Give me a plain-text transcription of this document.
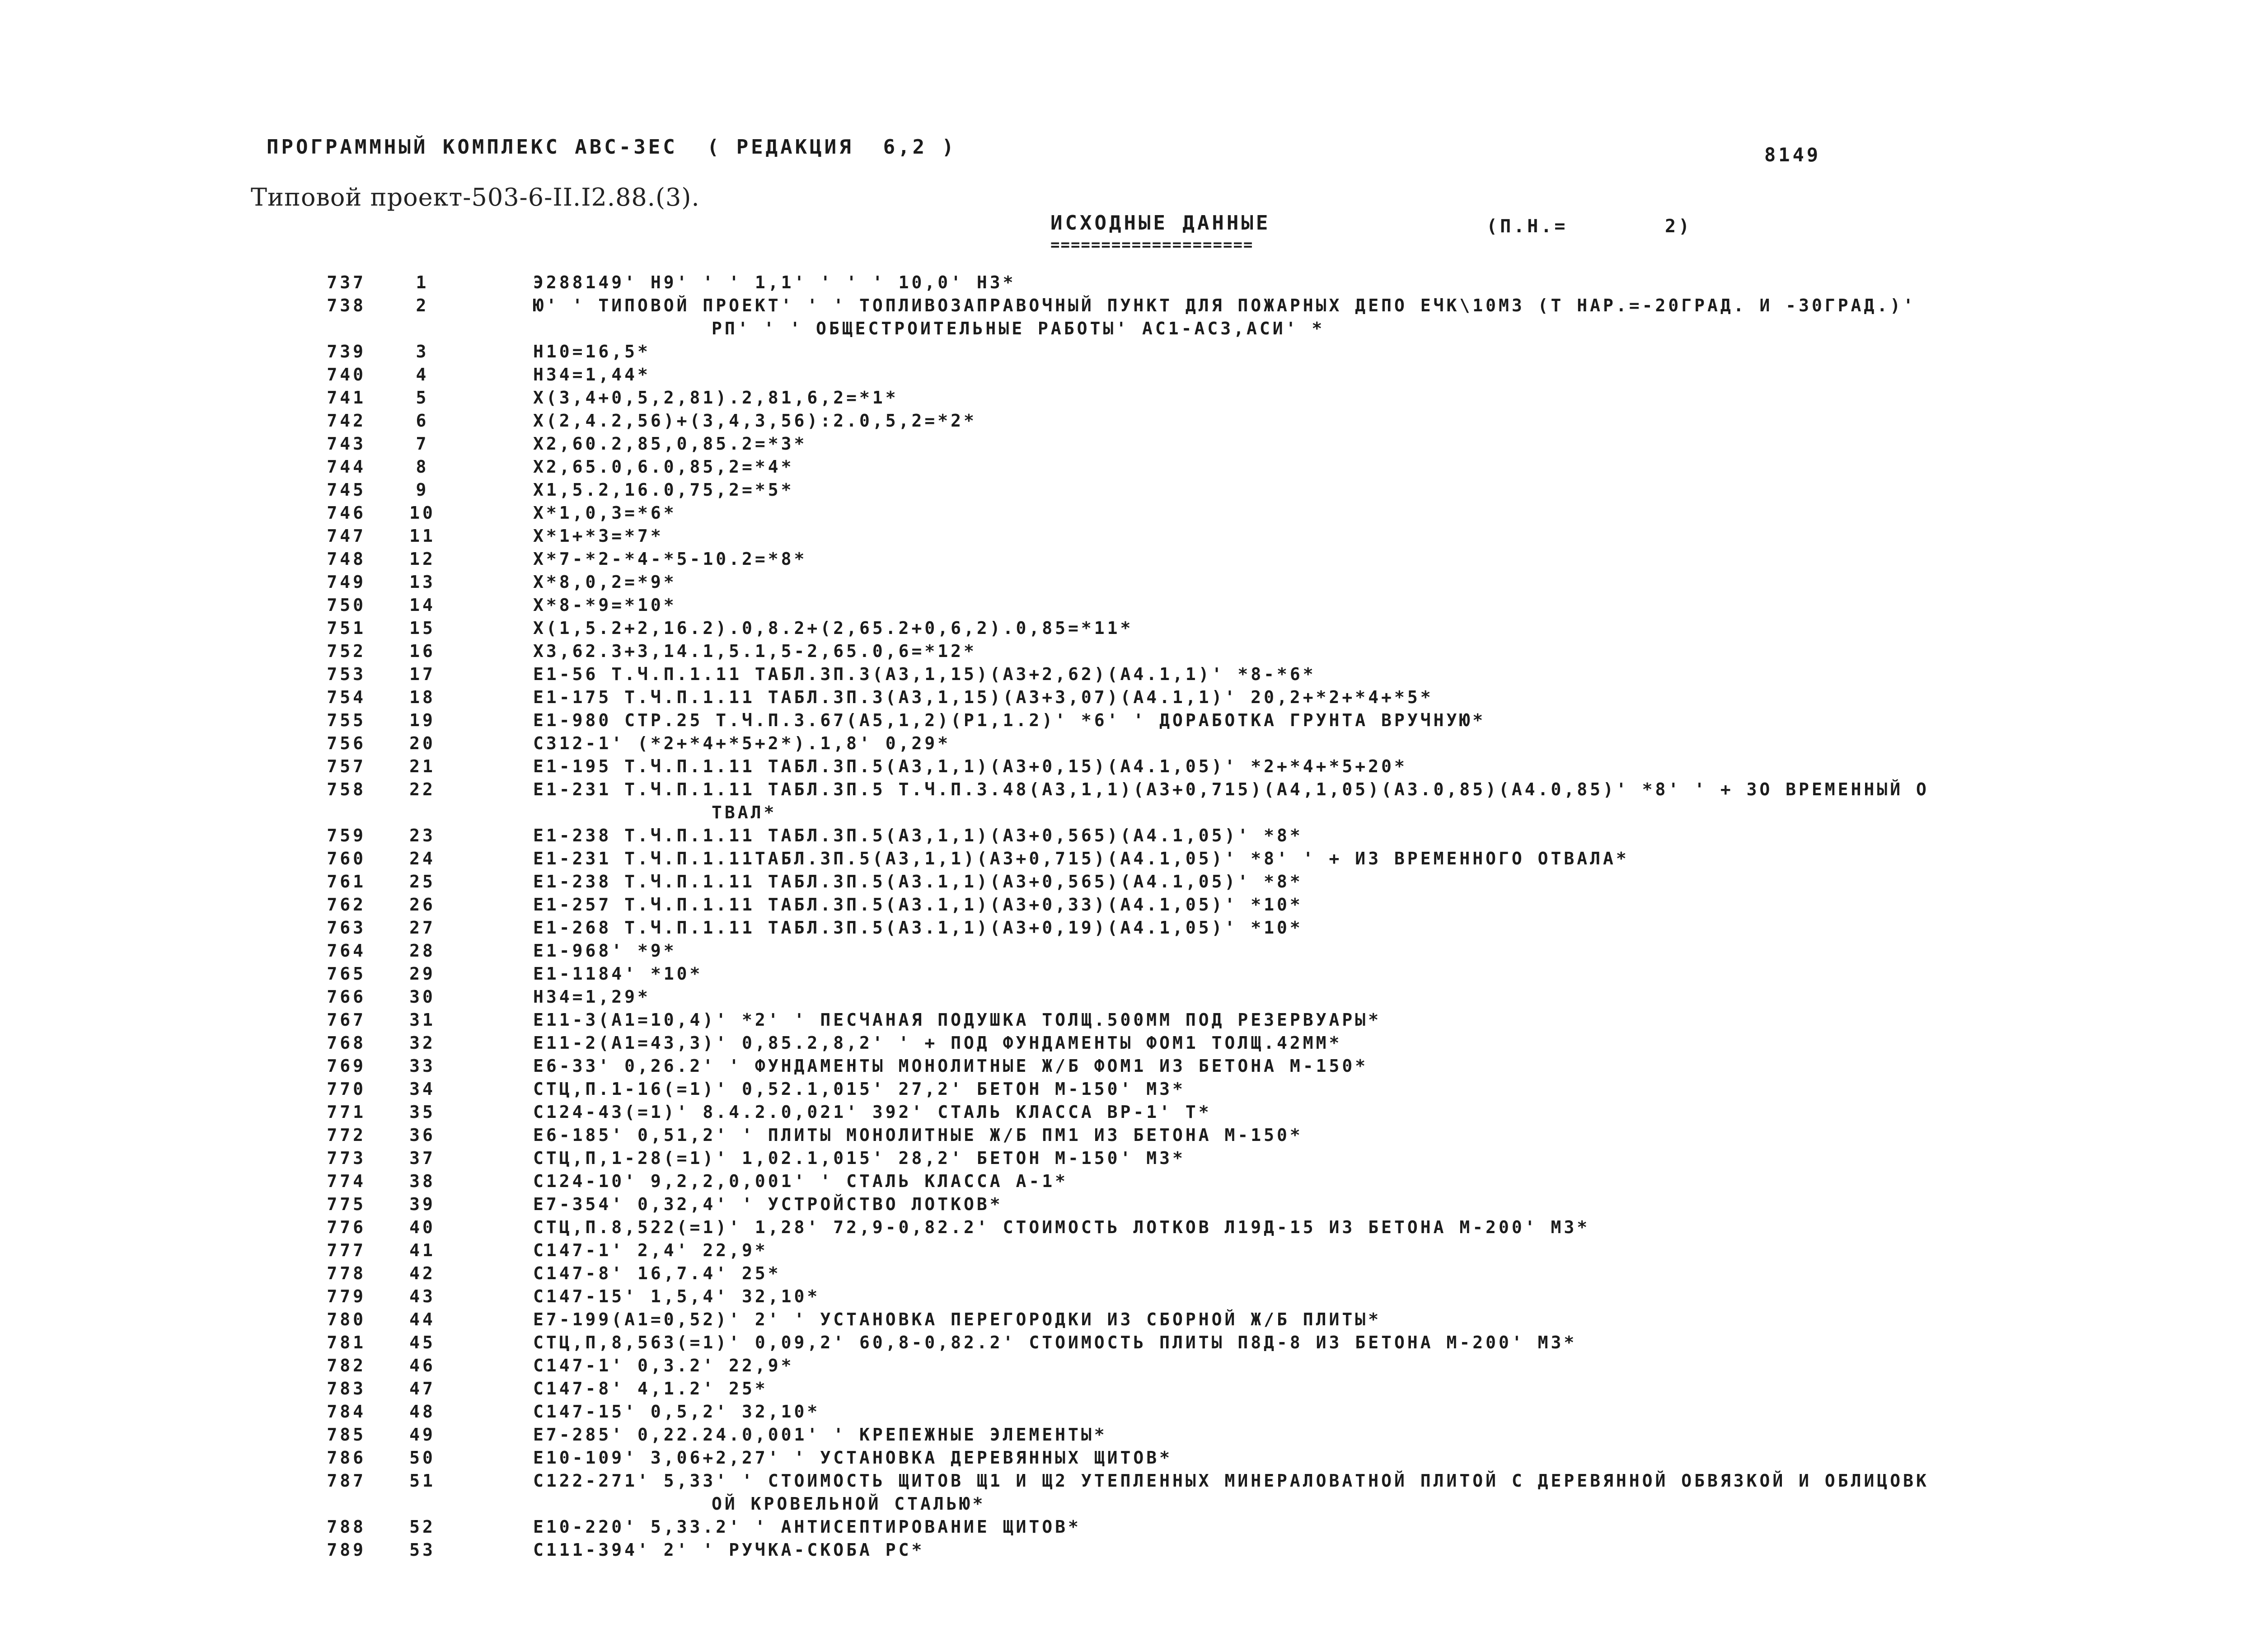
ПРОГРАММНЫЙ КОМПЛЕКС АВС-ЗЕС  ( РЕДАКЦИЯ  6,2 )	8149
Типовой проект-503-6-II.I2.88.(3).
ИСХОДНЫЕ ДАННЫЕ
====================
(П.Н.=	2)
737	1	Э288149' Н9' ' ' 1,1' ' ' ' 10,0' Н3*
738	2	Ю' ' ТИПОВОЙ ПРОЕКТ' ' ' ТОПЛИВОЗАПРАВОЧНЫЙ ПУНКТ ДЛЯ ПОЖАРНЫХ ДЕПО ЕЧК\10МЗ (Т НАР.=-20ГРАД. И -30ГРАД.)'
РП' ' ' ОБЩЕСТРОИТЕЛЬНЫЕ РАБОТЫ' АС1-АС3,АСИ' *
739	3	Н10=16,5*
740	4	Н34=1,44*
741	5	Х(3,4+0,5,2,81).2,81,6,2=*1*
742	6	Х(2,4.2,56)+(3,4,3,56):2.0,5,2=*2*
743	7	Х2,60.2,85,0,85.2=*3*
744	8	Х2,65.0,6.0,85,2=*4*
745	9	Х1,5.2,16.0,75,2=*5*
746	10	Х*1,0,3=*6*
747	11	Х*1+*3=*7*
748	12	Х*7-*2-*4-*5-10.2=*8*
749	13	Х*8,0,2=*9*
750	14	Х*8-*9=*10*
751	15	Х(1,5.2+2,16.2).0,8.2+(2,65.2+0,6,2).0,85=*11*
752	16	Х3,62.3+3,14.1,5.1,5-2,65.0,6=*12*
753	17	Е1-56 Т.Ч.П.1.11 ТАБЛ.3П.3(А3,1,15)(А3+2,62)(А4.1,1)' *8-*6*
754	18	Е1-175 Т.Ч.П.1.11 ТАБЛ.3П.3(А3,1,15)(А3+3,07)(А4.1,1)' 20,2+*2+*4+*5*
755	19	Е1-980 СТР.25 Т.Ч.П.3.67(А5,1,2)(Р1,1.2)' *6' ' ДОРАБОТКА ГРУНТА ВРУЧНУЮ*
756	20	С312-1' (*2+*4+*5+2*).1,8' 0,29*
757	21	Е1-195 Т.Ч.П.1.11 ТАБЛ.3П.5(А3,1,1)(А3+0,15)(А4.1,05)' *2+*4+*5+20*
758	22	Е1-231 Т.Ч.П.1.11 ТАБЛ.3П.5 Т.Ч.П.3.48(А3,1,1)(А3+0,715)(А4,1,05)(А3.0,85)(А4.0,85)' *8' ' + ЗО ВРЕМЕННЫЙ О
ТВАЛ*
759	23	Е1-238 Т.Ч.П.1.11 ТАБЛ.3П.5(А3,1,1)(А3+0,565)(А4.1,05)' *8*
760	24	Е1-231 Т.Ч.П.1.11ТАБЛ.3П.5(А3,1,1)(А3+0,715)(А4.1,05)' *8' ' + ИЗ ВРЕМЕННОГО ОТВАЛА*
761	25	Е1-238 Т.Ч.П.1.11 ТАБЛ.3П.5(А3.1,1)(А3+0,565)(А4.1,05)' *8*
762	26	Е1-257 Т.Ч.П.1.11 ТАБЛ.3П.5(А3.1,1)(А3+0,33)(А4.1,05)' *10*
763	27	Е1-268 Т.Ч.П.1.11 ТАБЛ.3П.5(А3.1,1)(А3+0,19)(А4.1,05)' *10*
764	28	Е1-968' *9*
765	29	Е1-1184' *10*
766	30	Н34=1,29*
767	31	Е11-3(А1=10,4)' *2' ' ПЕСЧАНАЯ ПОДУШКА ТОЛЩ.500ММ ПОД РЕЗЕРВУАРЫ*
768	32	Е11-2(А1=43,3)' 0,85.2,8,2' ' + ПОД ФУНДАМЕНТЫ ФОМ1 ТОЛЩ.42ММ*
769	33	Е6-33' 0,26.2' ' ФУНДАМЕНТЫ МОНОЛИТНЫЕ Ж/Б ФОМ1 ИЗ БЕТОНА М-150*
770	34	СТЦ,П.1-16(=1)' 0,52.1,015' 27,2' БЕТОН М-150' М3*
771	35	С124-43(=1)' 8.4.2.0,021' 392' СТАЛЬ КЛАССА ВР-1' Т*
772	36	Е6-185' 0,51,2' ' ПЛИТЫ МОНОЛИТНЫЕ Ж/Б ПМ1 ИЗ БЕТОНА М-150*
773	37	СТЦ,П,1-28(=1)' 1,02.1,015' 28,2' БЕТОН М-150' М3*
774	38	С124-10' 9,2,2,0,001' ' СТАЛЬ КЛАССА А-1*
775	39	Е7-354' 0,32,4' ' УСТРОЙСТВО ЛОТКОВ*
776	40	СТЦ,П.8,522(=1)' 1,28' 72,9-0,82.2' СТОИМОСТЬ ЛОТКОВ Л19Д-15 ИЗ БЕТОНА М-200' М3*
777	41	С147-1' 2,4' 22,9*
778	42	С147-8' 16,7.4' 25*
779	43	С147-15' 1,5,4' 32,10*
780	44	Е7-199(А1=0,52)' 2' ' УСТАНОВКА ПЕРЕГОРОДКИ ИЗ СБОРНОЙ Ж/Б ПЛИТЫ*
781	45	СТЦ,П,8,563(=1)' 0,09,2' 60,8-0,82.2' СТОИМОСТЬ ПЛИТЫ П8Д-8 ИЗ БЕТОНА М-200' М3*
782	46	С147-1' 0,3.2' 22,9*
783	47	С147-8' 4,1.2' 25*
784	48	С147-15' 0,5,2' 32,10*
785	49	Е7-285' 0,22.24.0,001' ' КРЕПЕЖНЫЕ ЭЛЕМЕНТЫ*
786	50	Е10-109' 3,06+2,27' ' УСТАНОВКА ДЕРЕВЯННЫХ ЩИТОВ*
787	51	С122-271' 5,33' ' СТОИМОСТЬ ЩИТОВ Щ1 И Щ2 УТЕПЛЕННЫХ МИНЕРАЛОВАТНОЙ ПЛИТОЙ С ДЕРЕВЯННОЙ ОБВЯЗКОЙ И ОБЛИЦОВК
ОЙ КРОВЕЛЬНОЙ СТАЛЬЮ*
788	52	Е10-220' 5,33.2' ' АНТИСЕПТИРОВАНИЕ ЩИТОВ*
789	53	С111-394' 2' ' РУЧКА-СКОБА РС*
